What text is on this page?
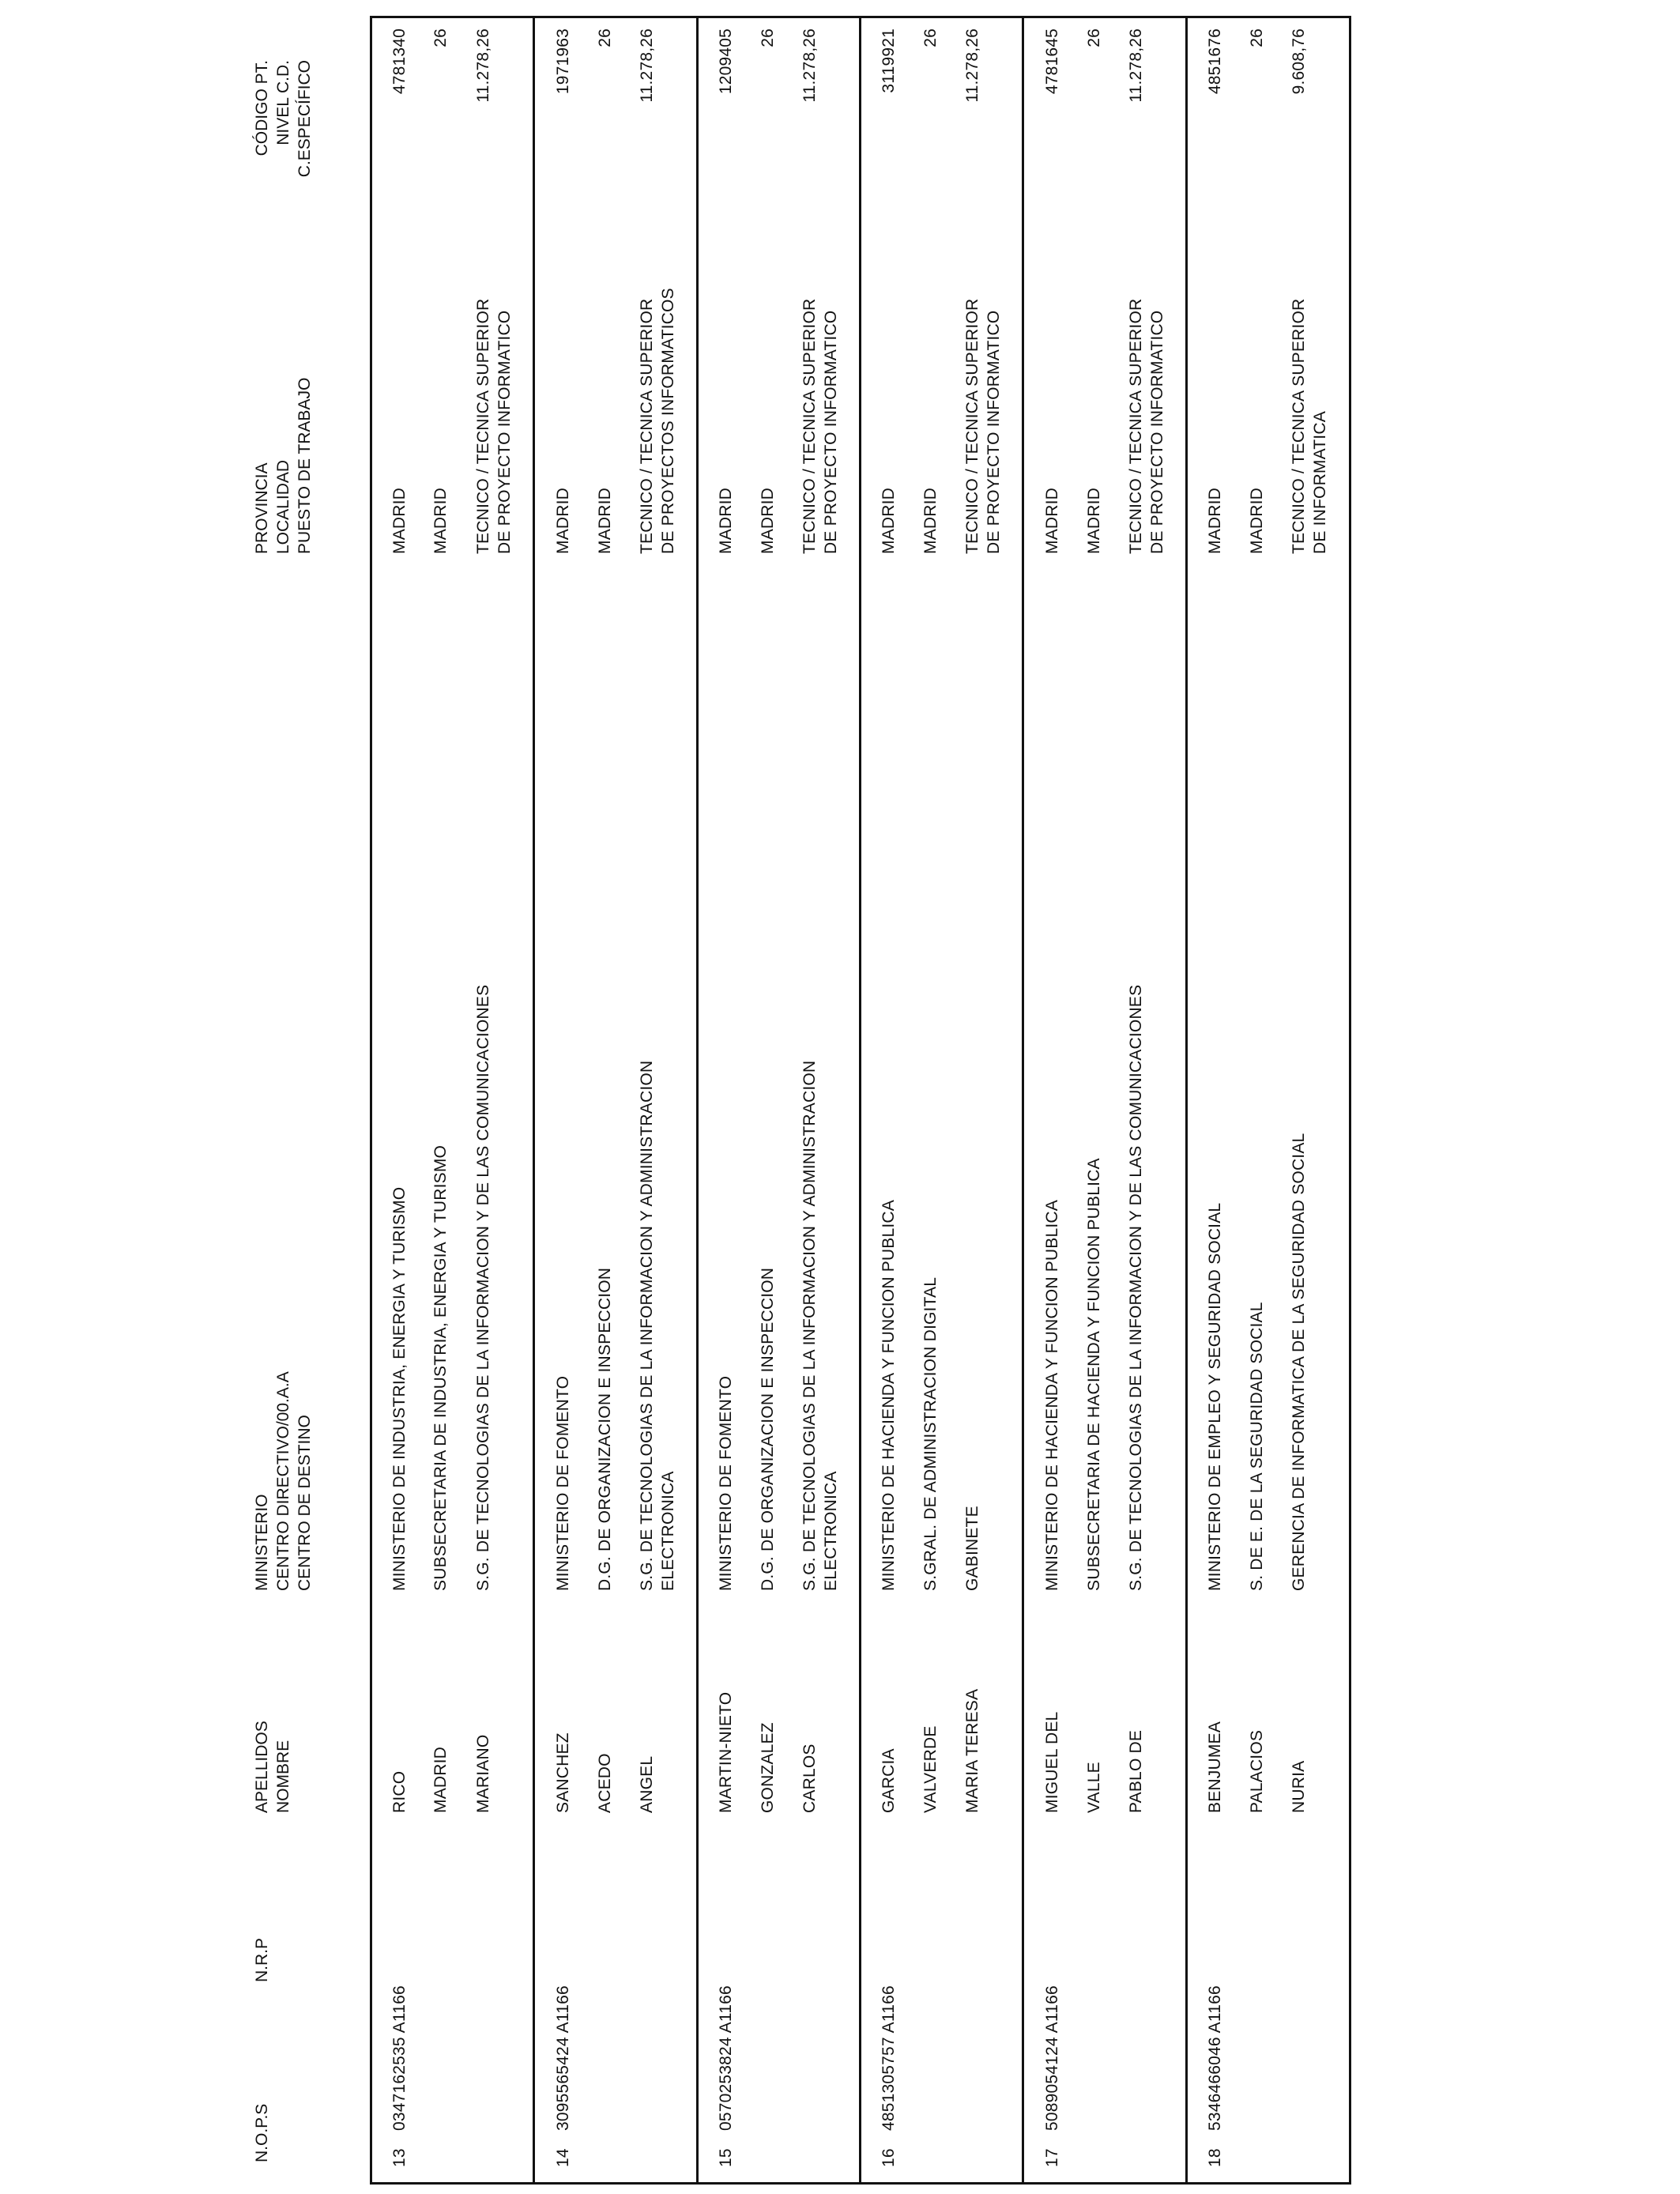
N.O.P.S
N.R.P
APELLIDOS NOMBRE
MINISTERIO CENTRO DIRECTIVO/00.A.A CENTRO DE DESTINO
PROVINCIA LOCALIDAD PUESTO DE TRABAJO
CÓDIGO PT. NIVEL C.D. C.ESPECÍFICO
13
0347162535 A1166
RICO MADRID MARIANO
MINISTERIO DE INDUSTRIA, ENERGIA Y TURISMO SUBSECRETARIA DE INDUSTRIA, ENERGIA Y TURISMO S.G. DE TECNOLOGIAS DE LA INFORMACION Y DE LAS COMUNICACIONES
MADRID MADRID TECNICO / TECNICA SUPERIOR DE PROYECTO INFORMATICO
4781340 26 11.278,26
14
3095565424 A1166
SANCHEZ ACEDO ANGEL
MINISTERIO DE FOMENTO D.G. DE ORGANIZACION E INSPECCION S.G. DE TECNOLOGIAS DE LA INFORMACION Y ADMINISTRACION ELECTRONICA
MADRID MADRID TECNICO / TECNICA SUPERIOR DE PROYECTOS INFORMATICOS
1971963 26 11.278,26
15
0570253824 A1166
MARTIN-NIETO GONZALEZ CARLOS
MINISTERIO DE FOMENTO D.G. DE ORGANIZACION E INSPECCION S.G. DE TECNOLOGIAS DE LA INFORMACION Y ADMINISTRACION ELECTRONICA
MADRID MADRID TECNICO / TECNICA SUPERIOR DE PROYECTO INFORMATICO
1209405 26 11.278,26
16
4851305757 A1166
GARCIA VALVERDE MARIA TERESA
MINISTERIO DE HACIENDA Y FUNCION PUBLICA S.GRAL. DE ADMINISTRACION DIGITAL GABINETE
MADRID MADRID TECNICO / TECNICA SUPERIOR DE PROYECTO INFORMATICO
3119921 26 11.278,26
17
5089054124 A1166
MIGUEL DEL VALLE PABLO DE
MINISTERIO DE HACIENDA Y FUNCION PUBLICA SUBSECRETARIA DE HACIENDA Y FUNCION PUBLICA S.G. DE TECNOLOGIAS DE LA INFORMACION Y DE LAS COMUNICACIONES
MADRID MADRID TECNICO / TECNICA SUPERIOR DE PROYECTO INFORMATICO
4781645 26 11.278,26
18
5346466046 A1166
BENJUMEA PALACIOS NURIA
MINISTERIO DE EMPLEO Y SEGURIDAD SOCIAL S. DE E. DE LA SEGURIDAD SOCIAL GERENCIA DE INFORMATICA DE LA SEGURIDAD SOCIAL
MADRID MADRID TECNICO / TECNICA SUPERIOR DE INFORMATICA
4851676 26 9.608,76
